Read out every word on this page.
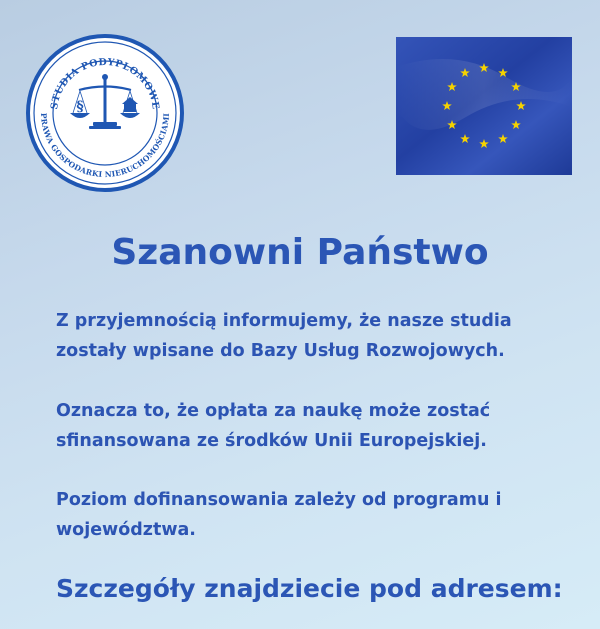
STUDIA PODYPLOMOWE
PRAWA GOSPODARKI NIERUCHOMOŚCIAMI
§
Szanowni Państwo

Z przyjemnością informujemy, że nasze studia
zostały wpisane do Bazy Usług Rozwojowych.

Oznacza to, że opłata za naukę może zostać
sfinansowana ze środków Unii Europejskiej.

Poziom dofinansowania zależy od programu i
województwa.

Szczegóły znajdziecie pod adresem:
